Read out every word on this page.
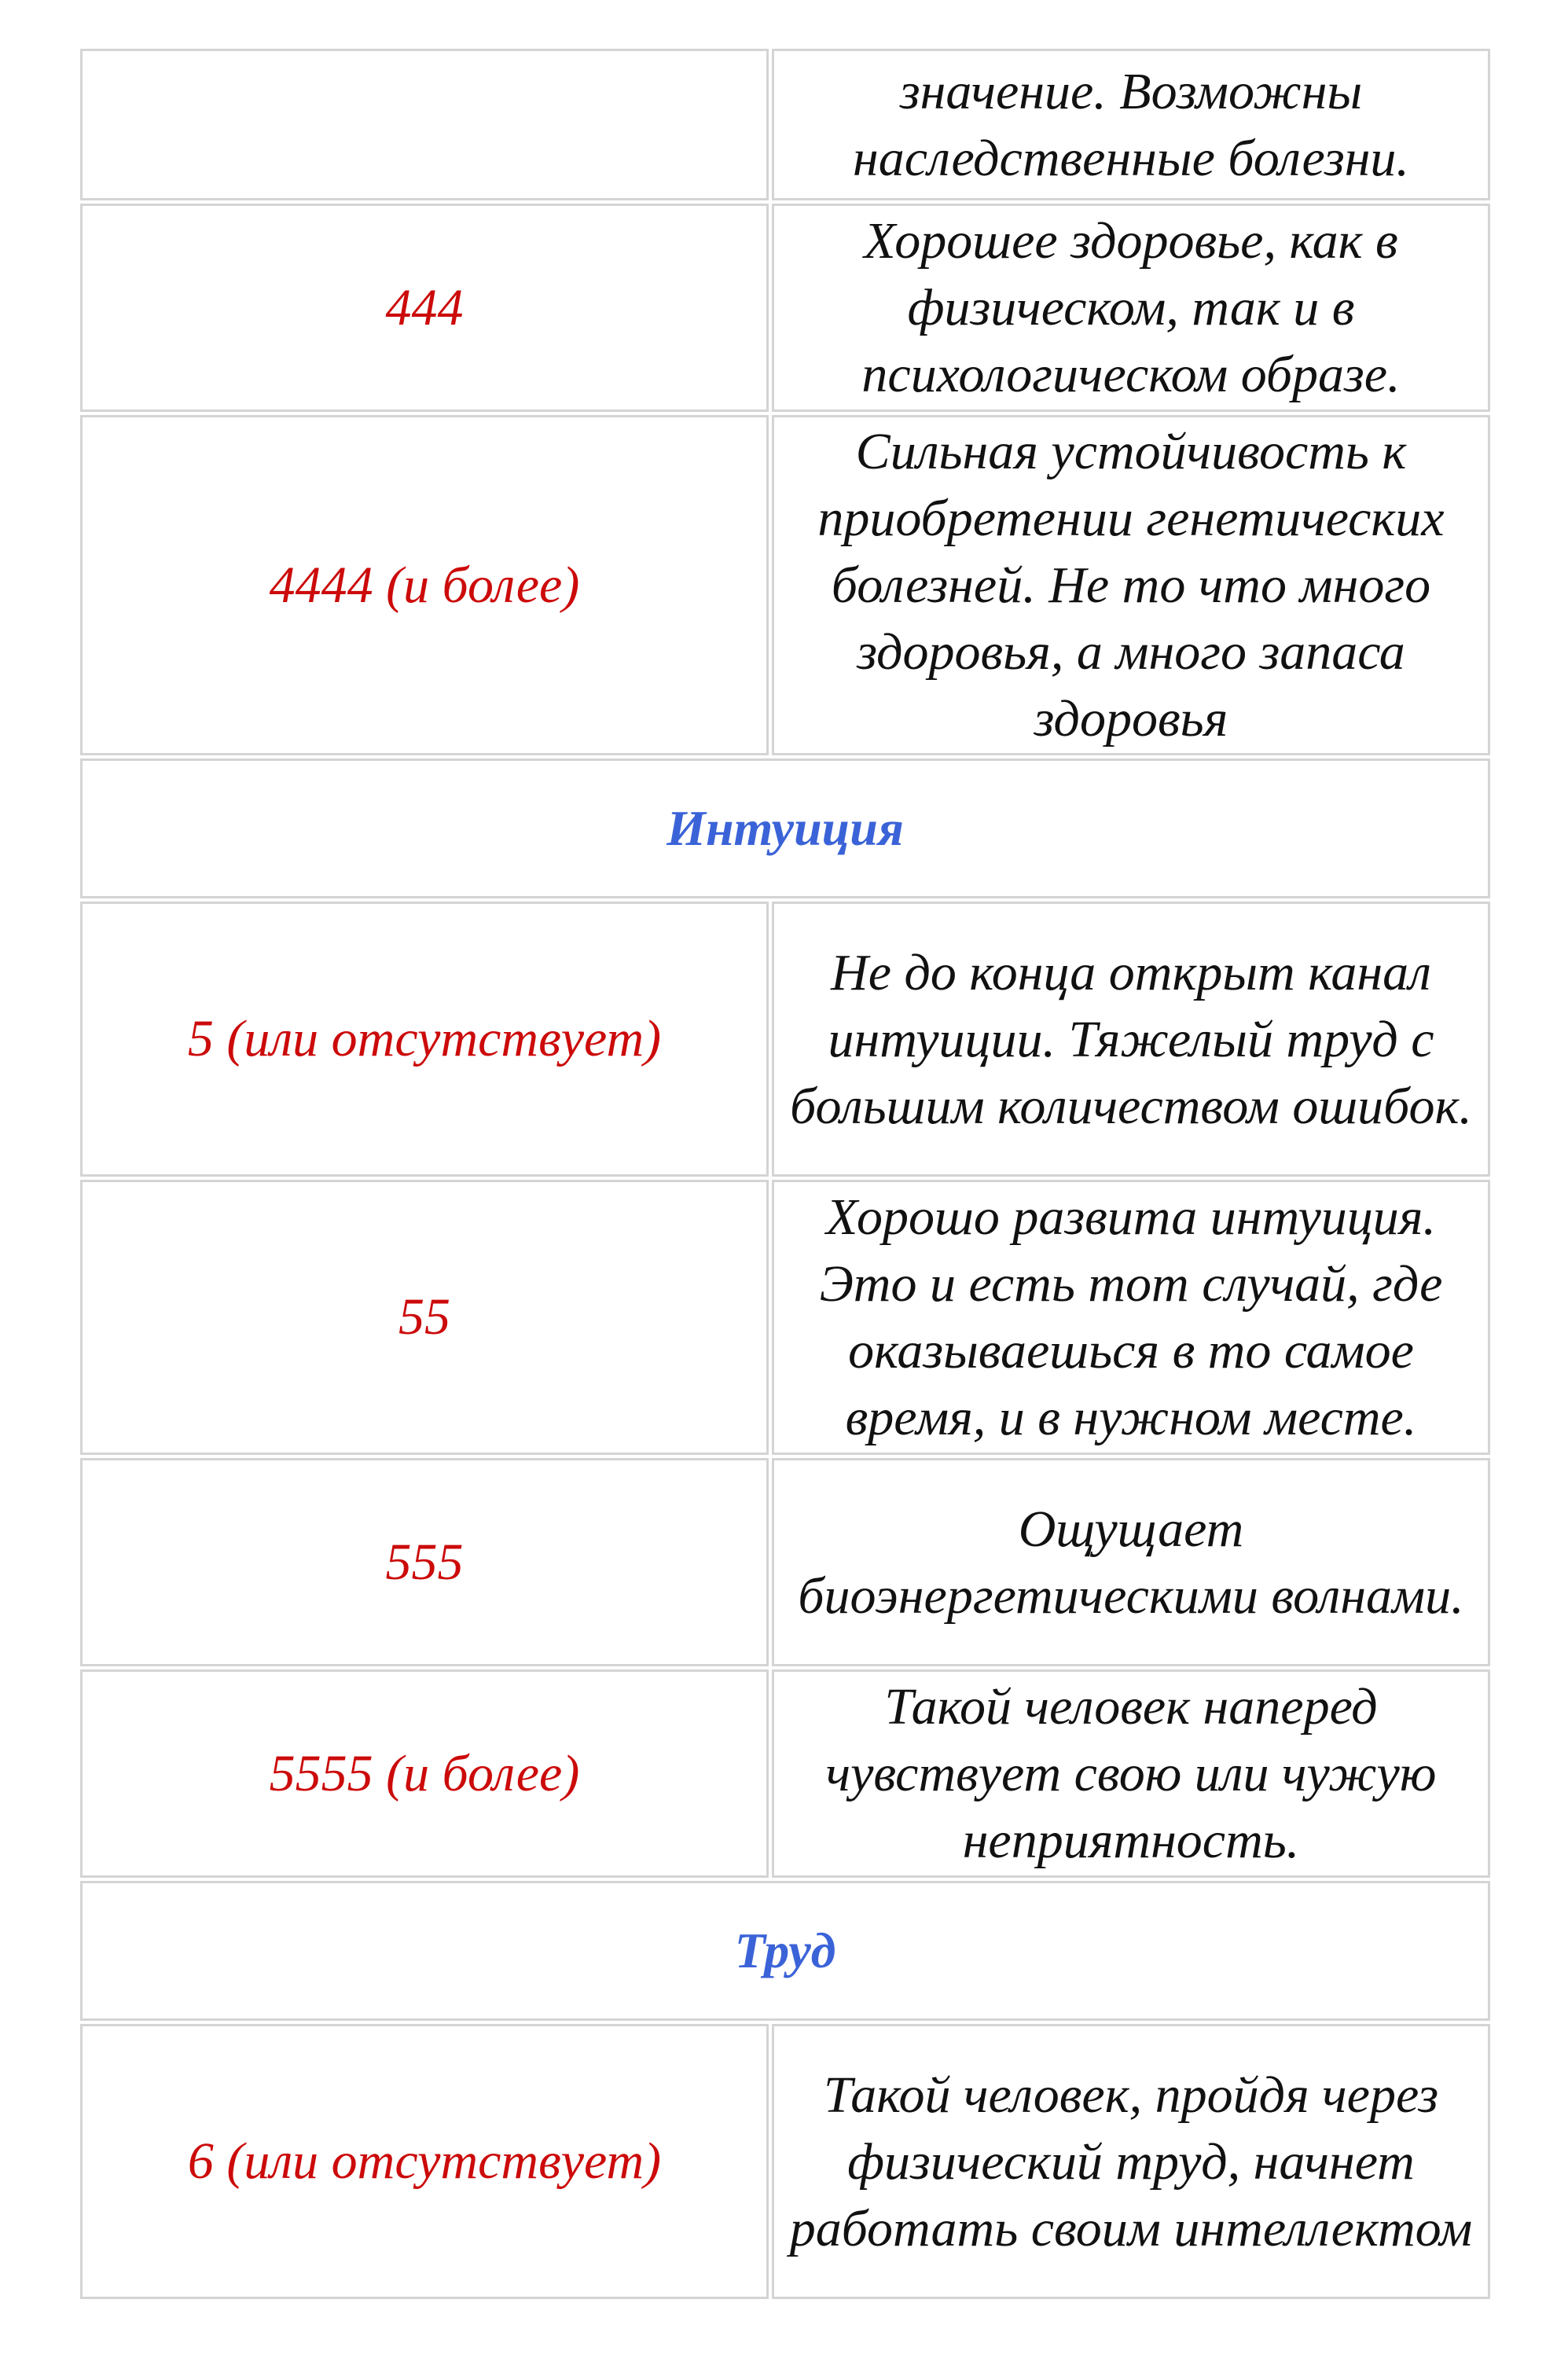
	значение. Возможны наследственные болезни.
444	Хорошее здоровье, как в физическом, так и в психологическом образе.
4444 (и более)	Сильная устойчивость к приобретении генетических болезней. Не то что много здоровья, а много запаса здоровья
Интуиция	
5 (или отсутствует)	Не до конца открыт канал интуиции. Тяжелый труд с большим количеством ошибок.
55	Хорошо развита интуиция. Это и есть тот случай, где оказываешься в то самое время, и в нужном месте.
555	Ощущает биоэнергетическими волнами.
5555 (и более)	Такой человек наперед чувствует свою или чужую неприятность.
Труд	
6 (или отсутствует)	Такой человек, пройдя через физический труд, начнет работать своим интеллектом
